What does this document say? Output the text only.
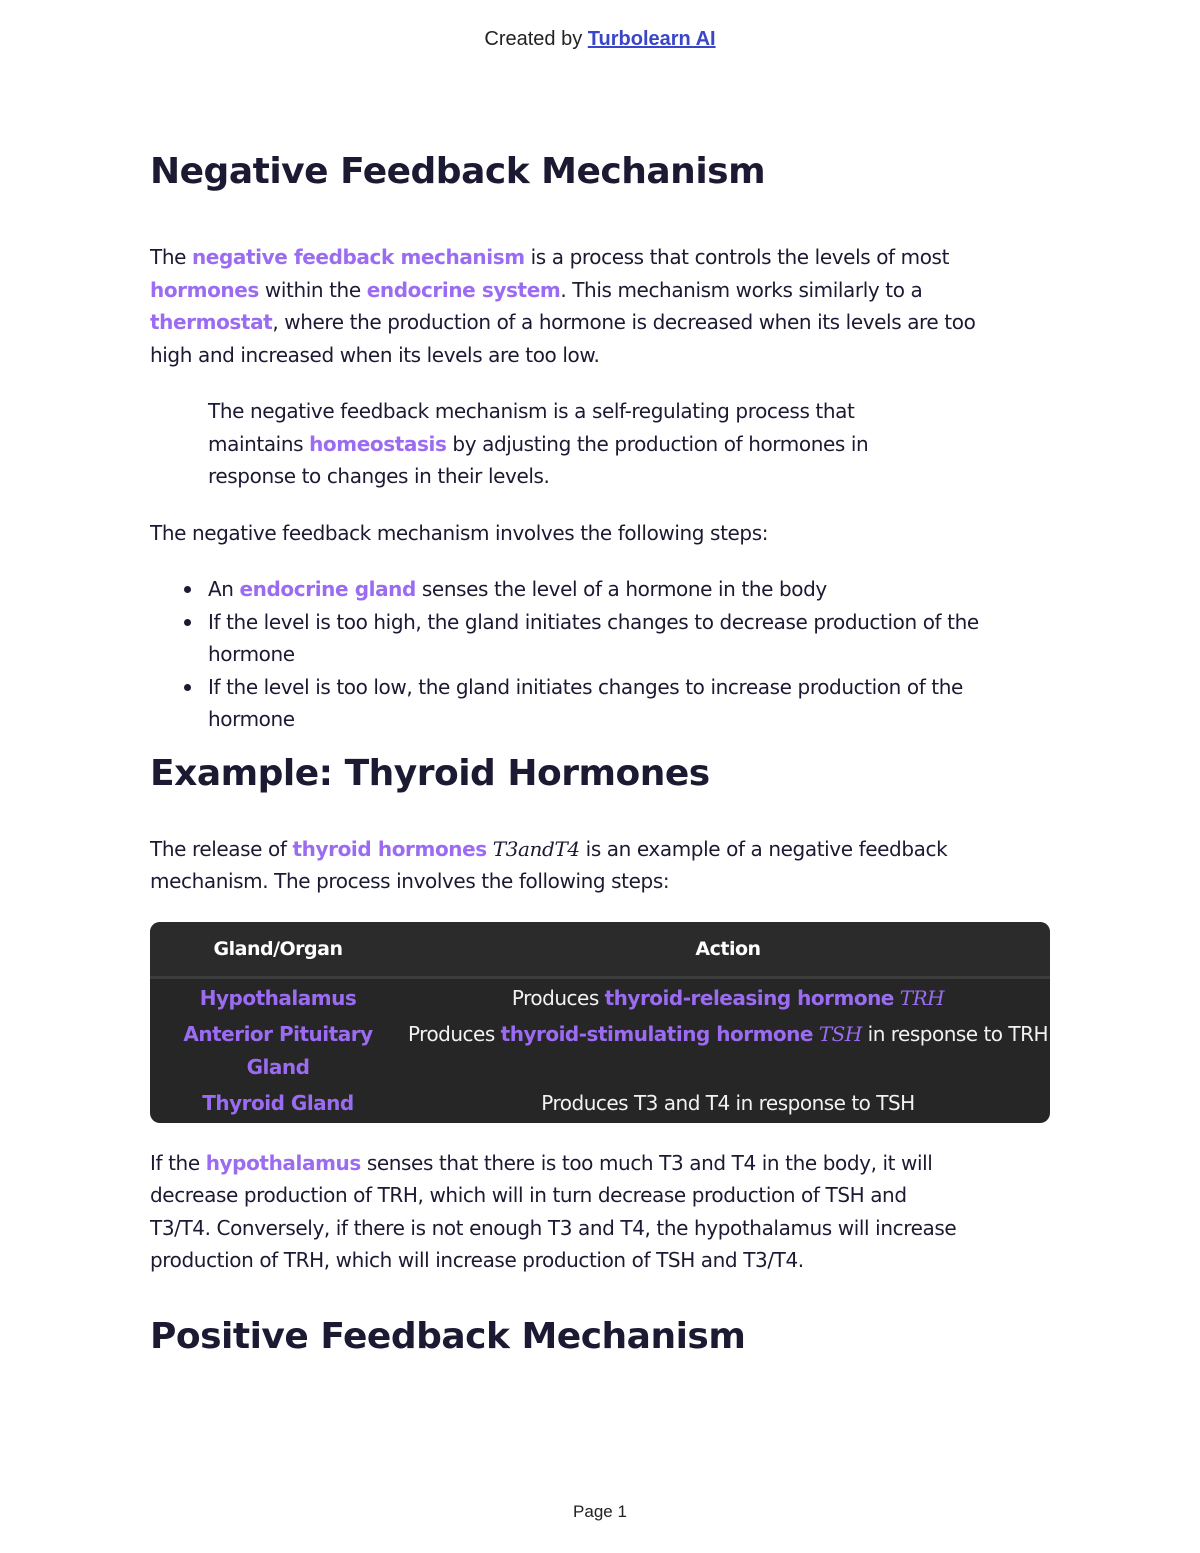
Created by Turbolearn AI
Negative Feedback Mechanism

The negative feedback mechanism is a process that controls the levels of most
hormones within the endocrine system. This mechanism works similarly to a
thermostat, where the production of a hormone is decreased when its levels are too
high and increased when its levels are too low.

The negative feedback mechanism is a self-regulating process that
maintains homeostasis by adjusting the production of hormones in
response to changes in their levels.

The negative feedback mechanism involves the following steps:

An endocrine gland senses the level of a hormone in the body
If the level is too high, the gland initiates changes to decrease production of the
hormone
If the level is too low, the gland initiates changes to increase production of the
hormone
Example: Thyroid Hormones

The release of thyroid hormones T3andT4 is an example of a negative feedback
mechanism. The process involves the following steps:

Gland/Organ	Action
Hypothalamus	Produces thyroid-releasing hormone TRH
Anterior Pituitary Gland	Produces thyroid-stimulating hormone TSH in response to TRH
Thyroid Gland	Produces T3 and T4 in response to TSH

If the hypothalamus senses that there is too much T3 and T4 in the body, it will
decrease production of TRH, which will in turn decrease production of TSH and
T3/T4. Conversely, if there is not enough T3 and T4, the hypothalamus will increase
production of TRH, which will increase production of TSH and T3/T4.

Positive Feedback Mechanism
Page 1
